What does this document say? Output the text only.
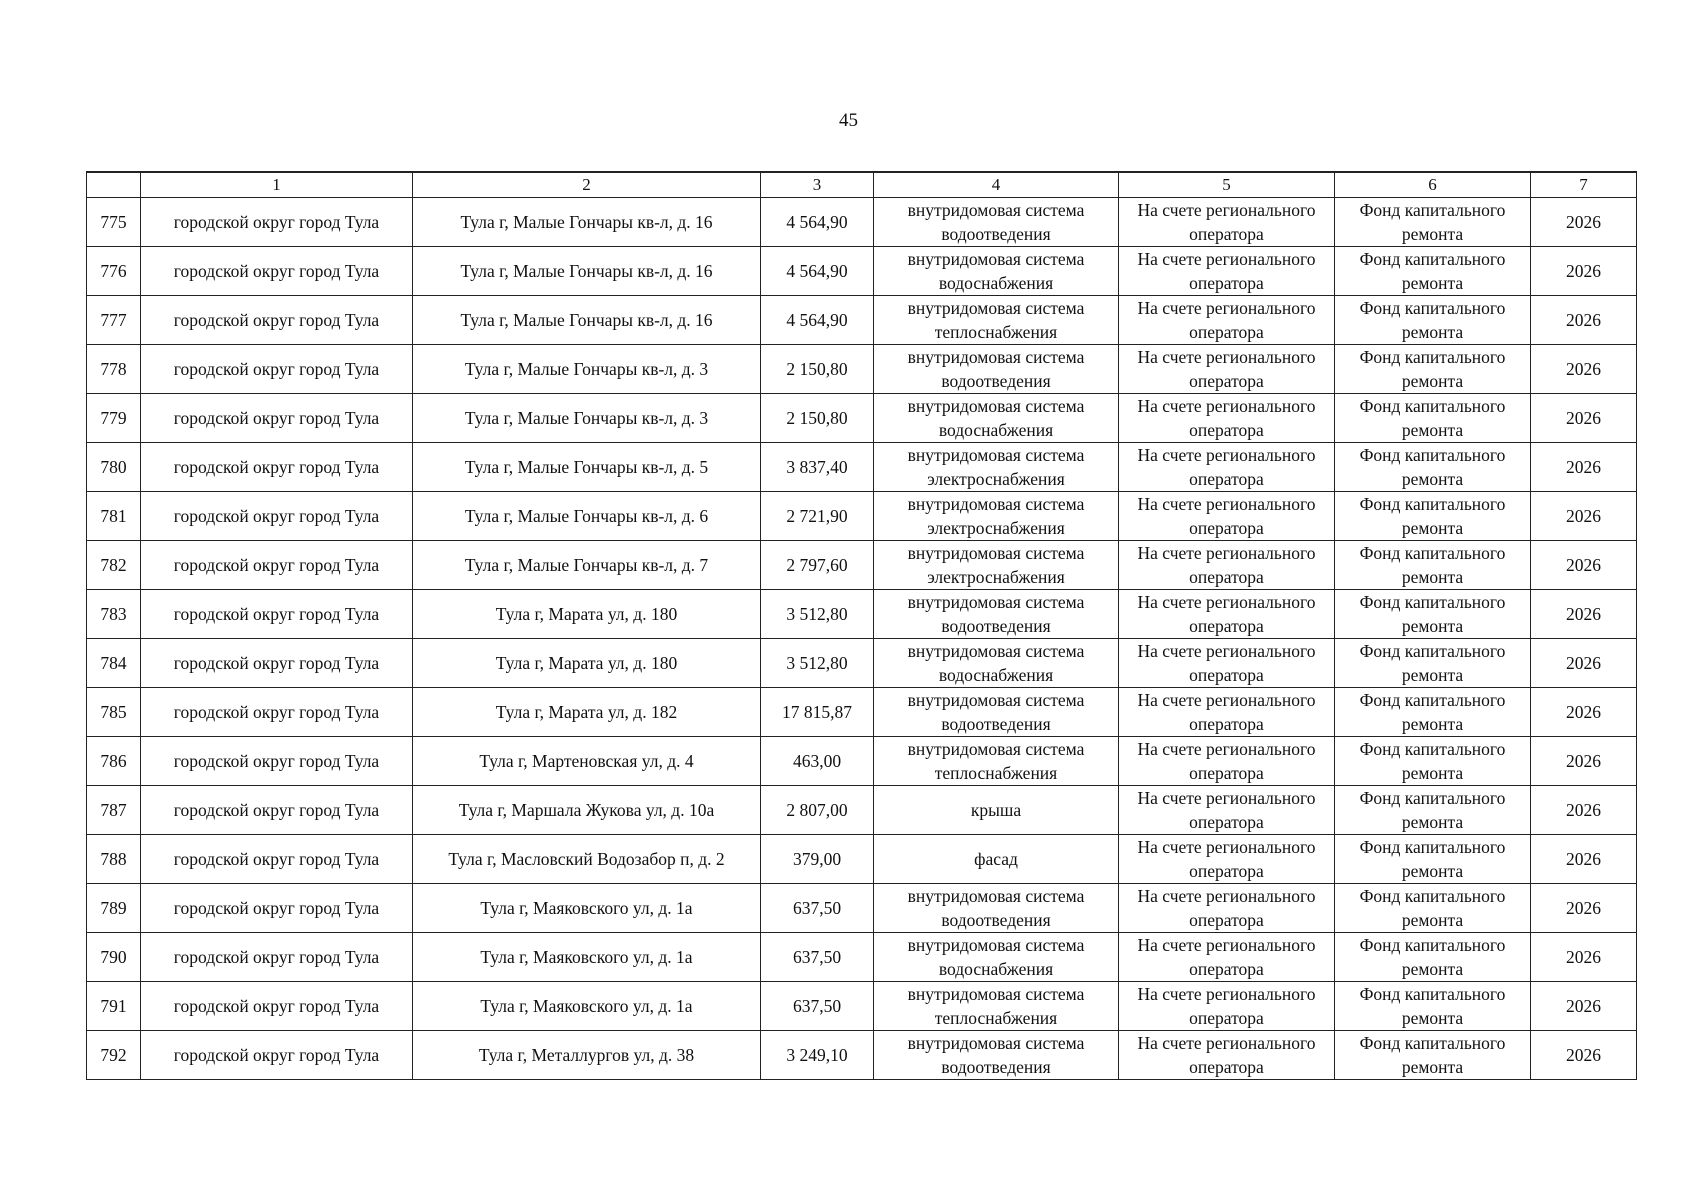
45
	1	2	3	4	5	6	7
775	городской округ город Тула	Тула г, Малые Гончары кв-л, д. 16	4 564,90	внутридомовая система водоотведения	На счете регионального оператора	Фонд капитального ремонта	2026
776	городской округ город Тула	Тула г, Малые Гончары кв-л, д. 16	4 564,90	внутридомовая система водоснабжения	На счете регионального оператора	Фонд капитального ремонта	2026
777	городской округ город Тула	Тула г, Малые Гончары кв-л, д. 16	4 564,90	внутридомовая система теплоснабжения	На счете регионального оператора	Фонд капитального ремонта	2026
778	городской округ город Тула	Тула г, Малые Гончары кв-л, д. 3	2 150,80	внутридомовая система водоотведения	На счете регионального оператора	Фонд капитального ремонта	2026
779	городской округ город Тула	Тула г, Малые Гончары кв-л, д. 3	2 150,80	внутридомовая система водоснабжения	На счете регионального оператора	Фонд капитального ремонта	2026
780	городской округ город Тула	Тула г, Малые Гончары кв-л, д. 5	3 837,40	внутридомовая система электроснабжения	На счете регионального оператора	Фонд капитального ремонта	2026
781	городской округ город Тула	Тула г, Малые Гончары кв-л, д. 6	2 721,90	внутридомовая система электроснабжения	На счете регионального оператора	Фонд капитального ремонта	2026
782	городской округ город Тула	Тула г, Малые Гончары кв-л, д. 7	2 797,60	внутридомовая система электроснабжения	На счете регионального оператора	Фонд капитального ремонта	2026
783	городской округ город Тула	Тула г, Марата ул, д. 180	3 512,80	внутридомовая система водоотведения	На счете регионального оператора	Фонд капитального ремонта	2026
784	городской округ город Тула	Тула г, Марата ул, д. 180	3 512,80	внутридомовая система водоснабжения	На счете регионального оператора	Фонд капитального ремонта	2026
785	городской округ город Тула	Тула г, Марата ул, д. 182	17 815,87	внутридомовая система водоотведения	На счете регионального оператора	Фонд капитального ремонта	2026
786	городской округ город Тула	Тула г, Мартеновская ул, д. 4	463,00	внутридомовая система теплоснабжения	На счете регионального оператора	Фонд капитального ремонта	2026
787	городской округ город Тула	Тула г, Маршала Жукова ул, д. 10а	2 807,00	крыша	На счете регионального оператора	Фонд капитального ремонта	2026
788	городской округ город Тула	Тула г, Масловский Водозабор п, д. 2	379,00	фасад	На счете регионального оператора	Фонд капитального ремонта	2026
789	городской округ город Тула	Тула г, Маяковского ул, д. 1а	637,50	внутридомовая система водоотведения	На счете регионального оператора	Фонд капитального ремонта	2026
790	городской округ город Тула	Тула г, Маяковского ул, д. 1а	637,50	внутридомовая система водоснабжения	На счете регионального оператора	Фонд капитального ремонта	2026
791	городской округ город Тула	Тула г, Маяковского ул, д. 1а	637,50	внутридомовая система теплоснабжения	На счете регионального оператора	Фонд капитального ремонта	2026
792	городской округ город Тула	Тула г, Металлургов ул, д. 38	3 249,10	внутридомовая система водоотведения	На счете регионального оператора	Фонд капитального ремонта	2026
